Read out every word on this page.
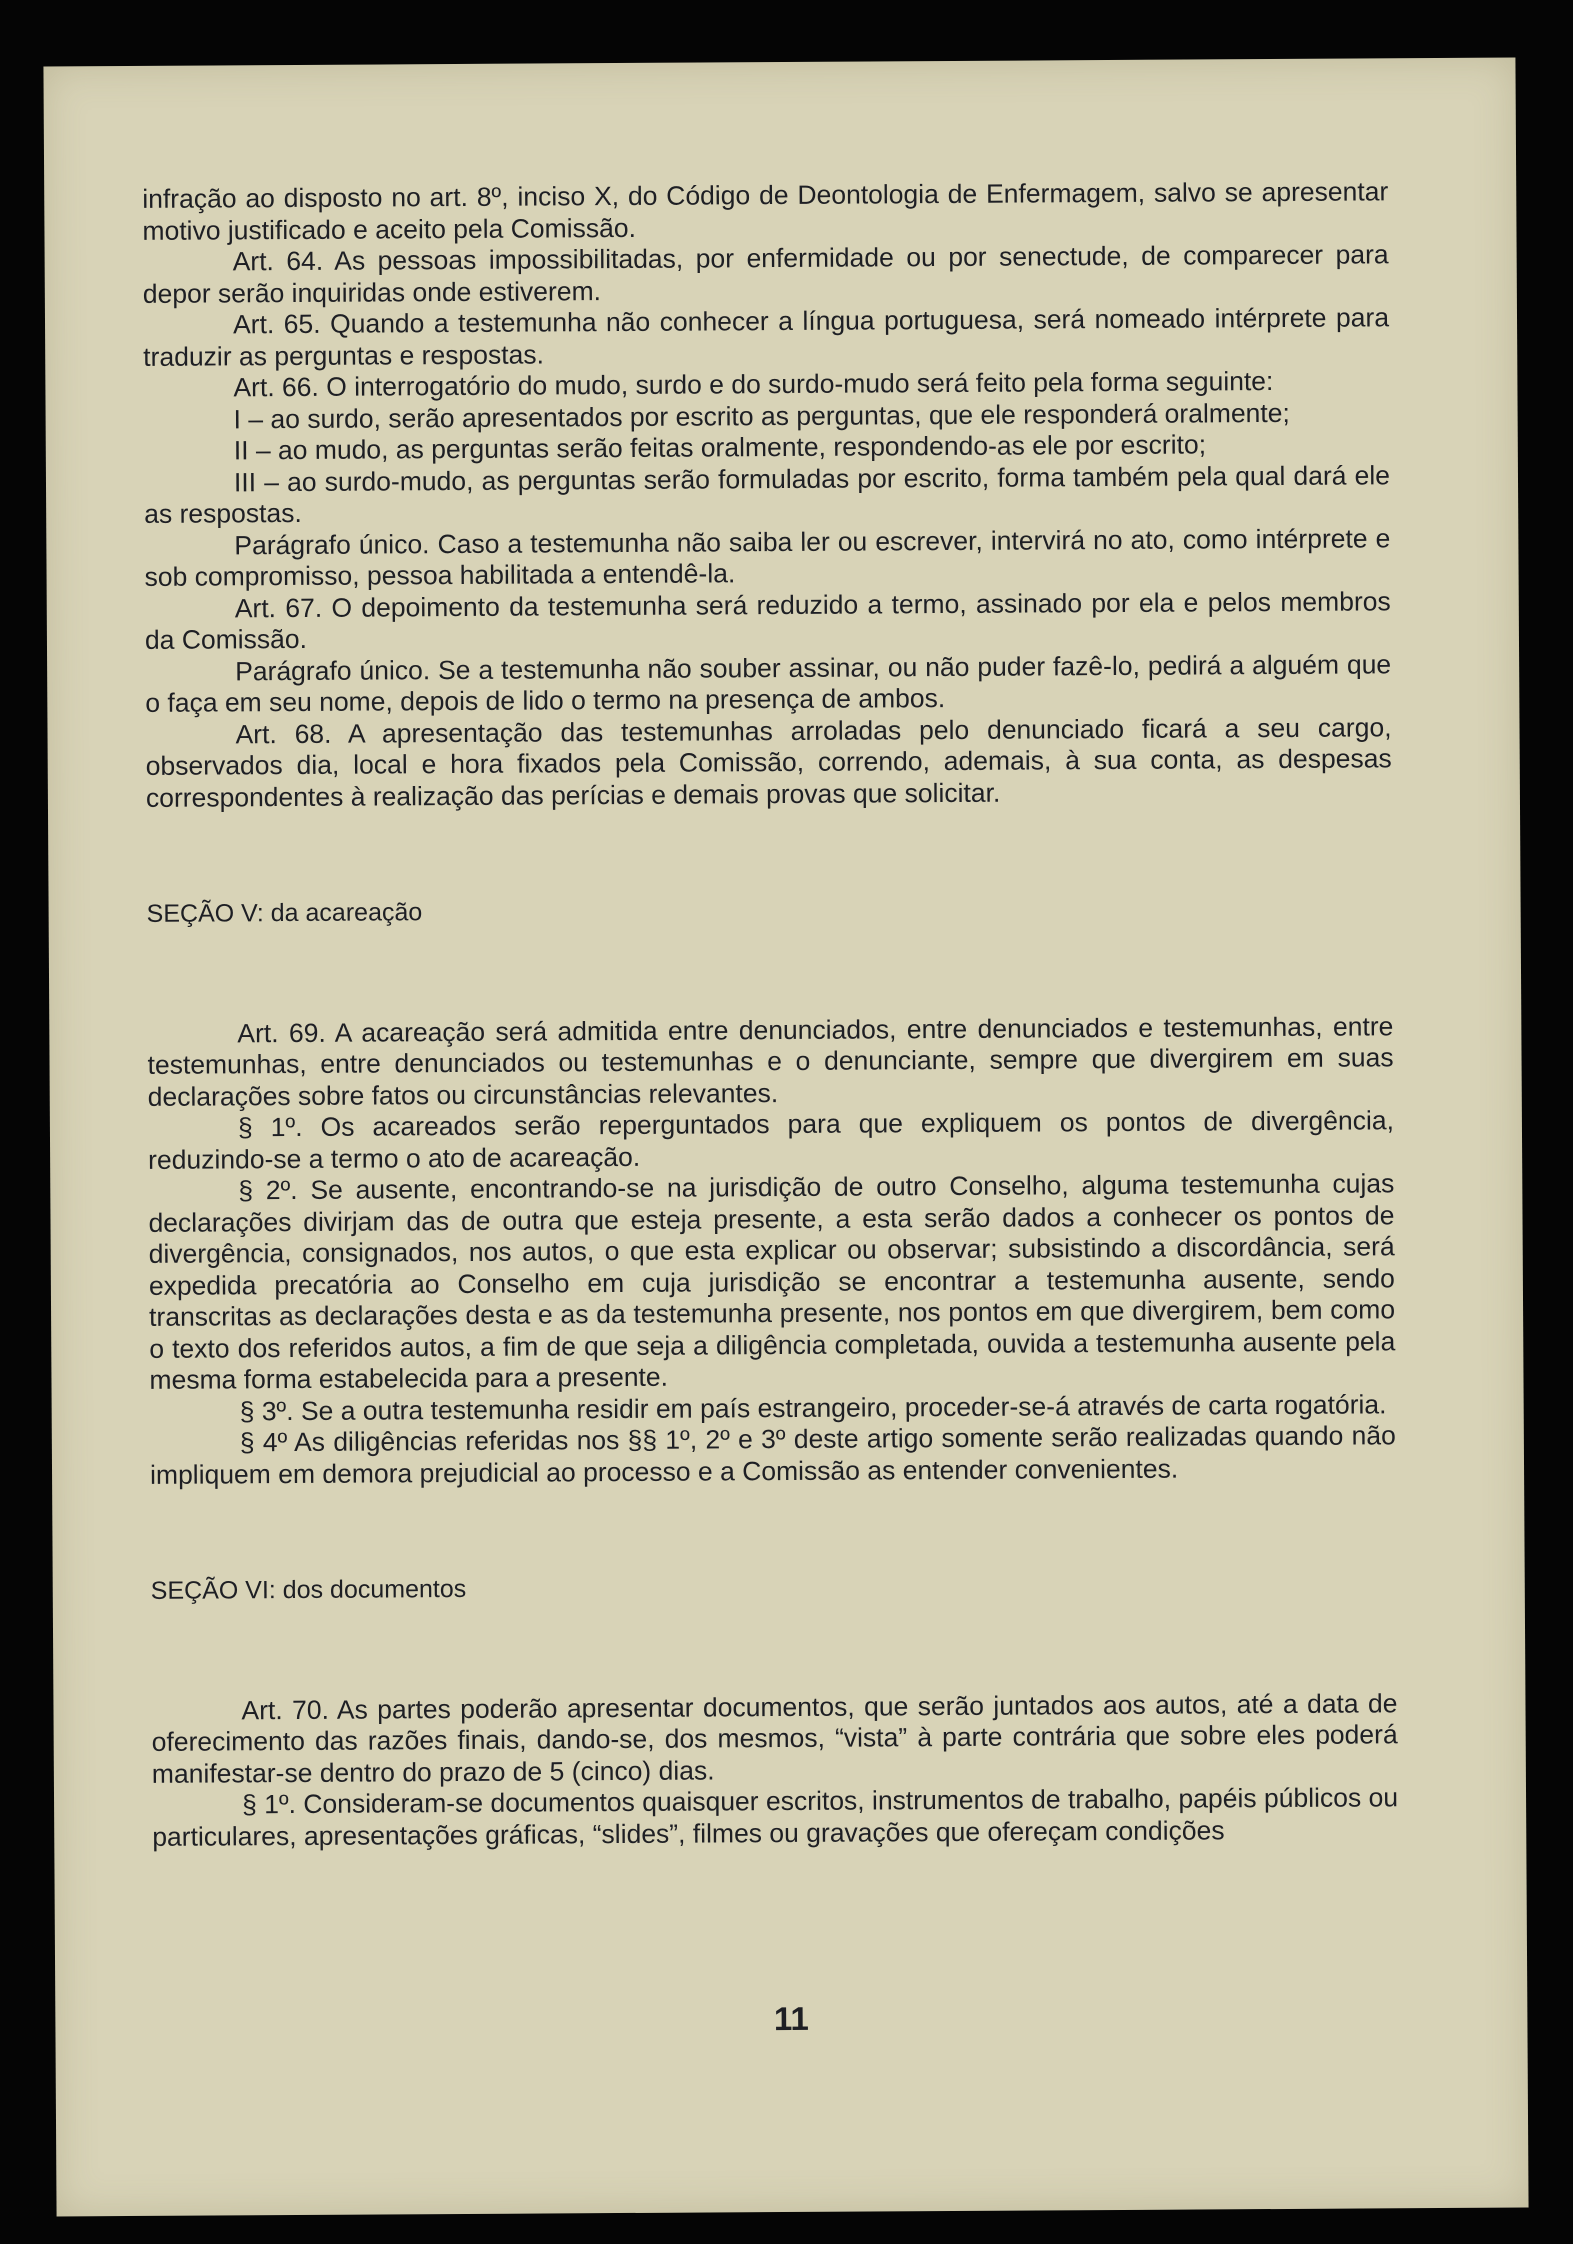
infração ao disposto no art. 8º, inciso X, do Código de Deontologia de Enfermagem, salvo se apresentar motivo justificado e aceito pela Comissão.

Art. 64. As pessoas impossibilitadas, por enfermidade ou por senectude, de comparecer para depor serão inquiridas onde estiverem.

Art. 65. Quando a testemunha não conhecer a língua portuguesa, será nomeado intérprete para traduzir as perguntas e respostas.

Art. 66. O interrogatório do mudo, surdo e do surdo-mudo será feito pela forma seguinte:

I – ao surdo, serão apresentados por escrito as perguntas, que ele responderá oralmente;

II – ao mudo, as perguntas serão feitas oralmente, respondendo-as ele por escrito;

III – ao surdo-mudo, as perguntas serão formuladas por escrito, forma também pela qual dará ele as respostas.

Parágrafo único. Caso a testemunha não saiba ler ou escrever, intervirá no ato, como intérprete e sob compromisso, pessoa habilitada a entendê-la.

Art. 67. O depoimento da testemunha será reduzido a termo, assinado por ela e pelos membros da Comissão.

Parágrafo único. Se a testemunha não souber assinar, ou não puder fazê-lo, pedirá a alguém que o faça em seu nome, depois de lido o termo na presença de ambos.

Art. 68. A apresentação das testemunhas arroladas pelo denunciado ficará a seu cargo, observados dia, local e hora fixados pela Comissão, correndo, ademais, à sua conta, as despesas correspondentes à realização das perícias e demais provas que solicitar.

SEÇÃO V: da acareação

Art. 69. A acareação será admitida entre denunciados, entre denunciados e testemunhas, entre testemunhas, entre denunciados ou testemunhas e o denunciante, sempre que divergirem em suas declarações sobre fatos ou circunstâncias relevantes.

§ 1º. Os acareados serão reperguntados para que expliquem os pontos de divergência, reduzindo-se a termo o ato de acareação.

§ 2º. Se ausente, encontrando-se na jurisdição de outro Conselho, alguma testemunha cujas declarações divirjam das de outra que esteja presente, a esta serão dados a conhecer os pontos de divergência, consignados, nos autos, o que esta explicar ou observar; subsistindo a discordância, será expedida precatória ao Conselho em cuja jurisdição se encontrar a testemunha ausente, sendo transcritas as declarações desta e as da testemunha presente, nos pontos em que divergirem, bem como o texto dos referidos autos, a fim de que seja a diligência completada, ouvida a testemunha ausente pela mesma forma estabelecida para a presente.

§ 3º. Se a outra testemunha residir em país estrangeiro, proceder-se-á através de carta rogatória.

§ 4º As diligências referidas nos §§ 1º, 2º e 3º deste artigo somente serão realizadas quando não impliquem em demora prejudicial ao processo e a Comissão as entender convenientes.

SEÇÃO VI: dos documentos

Art. 70. As partes poderão apresentar documentos, que serão juntados aos autos, até a data de oferecimento das razões finais, dando-se, dos mesmos, “vista” à parte contrária que sobre eles poderá manifestar-se dentro do prazo de 5 (cinco) dias.

§ 1º. Consideram-se documentos quaisquer escritos, instrumentos de trabalho, papéis públicos ou particulares, apresentações gráficas, “slides”, filmes ou gravações que ofereçam condições

11
